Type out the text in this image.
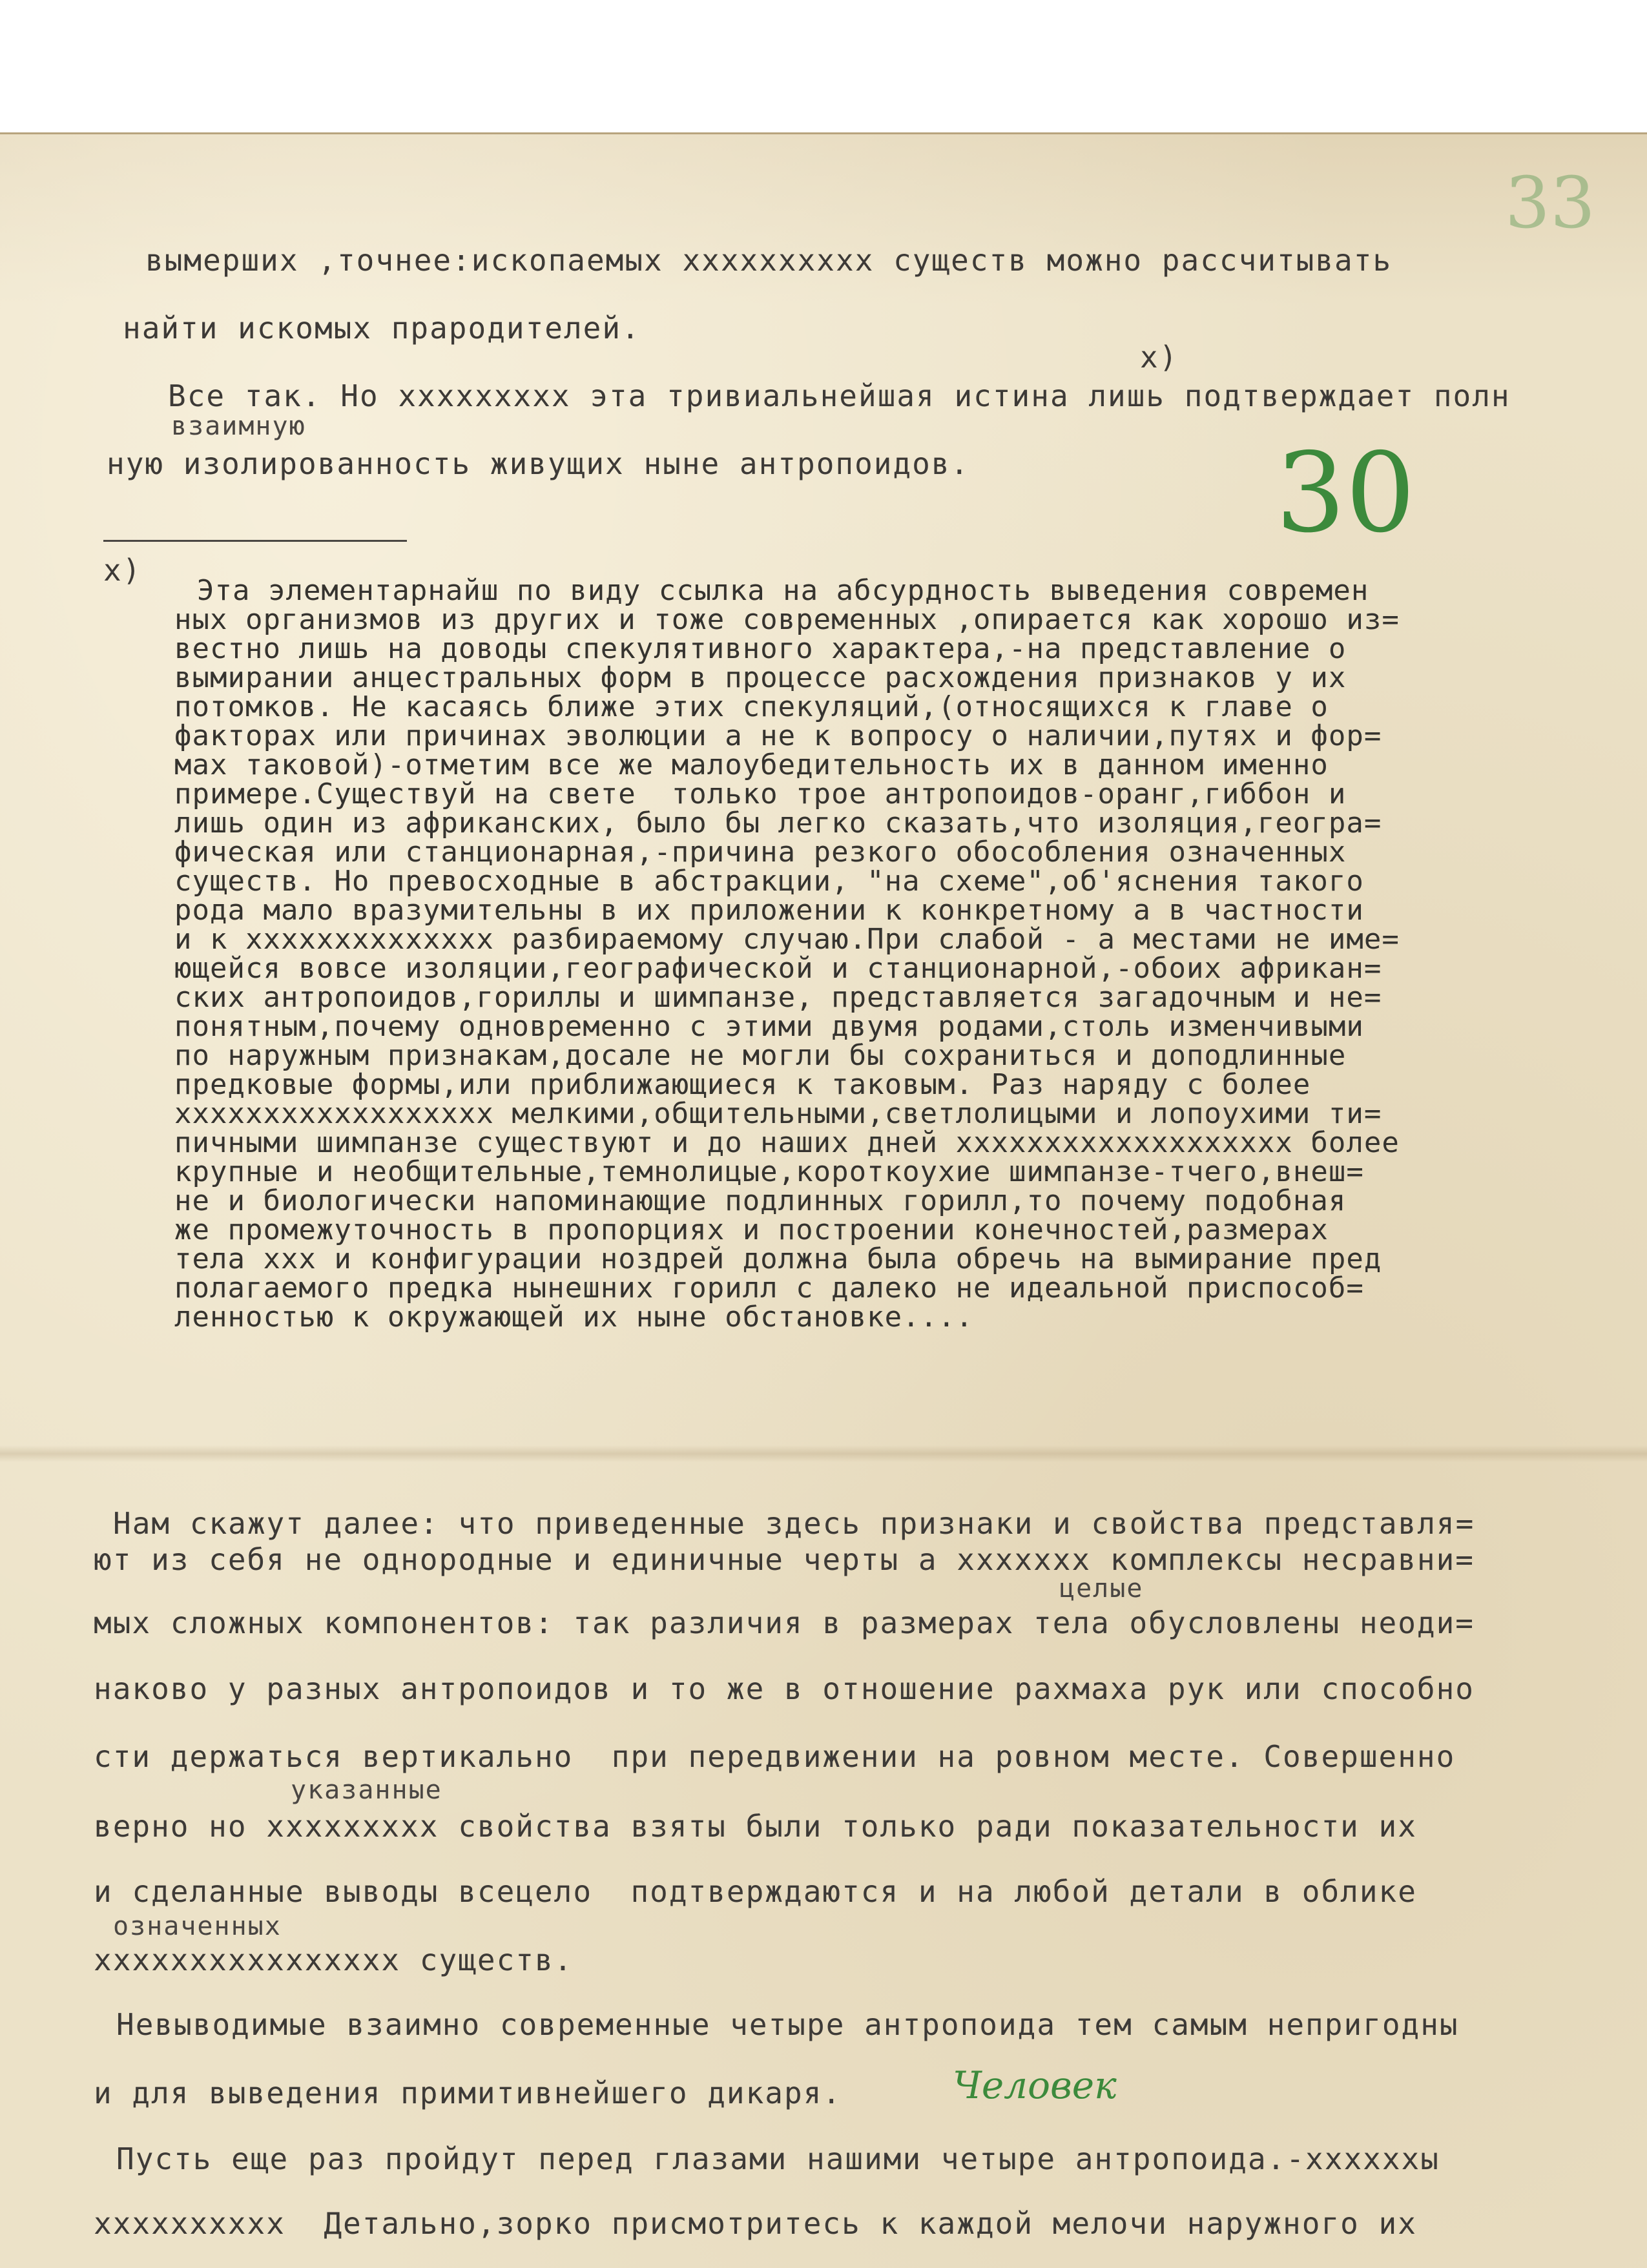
33
вымерших ,точнее:ископаемых хххххххххх существ можно рассчитывать
найти искомых прародителей.
х)
Все так. Но ххххххххх эта тривиальнейшая истина лишь подтверждает полн
взаимную
ную изолированность живущих ныне антропоидов.	30
х)
Эта элементарнайш по виду ссылка на абсурдность выведения современ
ных организмов из других и тоже современных ,опирается как хорошо из=
вестно лишь на доводы спекулятивного характера,-на представление о
вымирании анцестральных форм в процессе расхождения признаков у их
потомков. Не касаясь ближе этих спекуляций,(относящихся к главе о
факторах или причинах эволюции а не к вопросу о наличии,путях и фор=
мах таковой)-отметим все же малоубедительность их в данном именно
примере.Существуй на свете  только трое антропоидов-оранг,гиббон и
лишь один из африканских, было бы легко сказать,что изоляция,геогра=
фическая или станционарная,-причина резкого обособления означенных
существ. Но превосходные в абстракции, "на схеме",об'яснения такого
рода мало вразумительны в их приложении к конкретному а в частности
и к хххххххххххххх разбираемому случаю.При слабой - а местами не име=
ющейся вовсе изоляции,географической и станционарной,-обоих африкан=
ских антропоидов,гориллы и шимпанзе, представляется загадочным и не=
понятным,почему одновременно с этими двумя родами,столь изменчивыми
по наружным признакам,досале не могли бы сохраниться и доподлинные
предковые формы,или приближающиеся к таковым. Раз наряду с более
хххххххххххххххххх мелкими,общительными,светлолицыми и лопоухими ти=
пичными шимпанзе существуют и до наших дней ххххххххххххххххххх более
крупные и необщительные,темнолицые,короткоухие шимпанзе-тчего,внеш=
не и биологически напоминающие подлинных горилл,то почему подобная
же промежуточность в пропорциях и построении конечностей,размерах
тела ххх и конфигурации ноздрей должна была обречь на вымирание пред
полагаемого предка нынешних горилл с далеко не идеальной приспособ=
ленностью к окружающей их ныне обстановке....
Нам скажут далее: что приведенные здесь признаки и свойства представля=
ют из себя не однородные и единичные черты а ххххххх комплексы несравни=
целые
мых сложных компонентов: так различия в размерах тела обусловлены неоди=
наково у разных антропоидов и то же в отношение рахмаха рук или способно
сти держаться вертикально  при передвижении на ровном месте. Совершенно
указанные
верно но ххххххххх свойства взяты были только ради показательности их
и сделанные выводы всецело  подтверждаются и на любой детали в облике
означенных
хххххххххххххххх существ.
Невыводимые взаимно современные четыре антропоида тем самым непригодны
и для выведения примитивнейшего дикаря.	Человек
Пусть еще раз пройдут перед глазами нашими четыре антропоида.-ххххххы
хххххххххх  Детально,зорко присмотритесь к каждой мелочи наружного их
